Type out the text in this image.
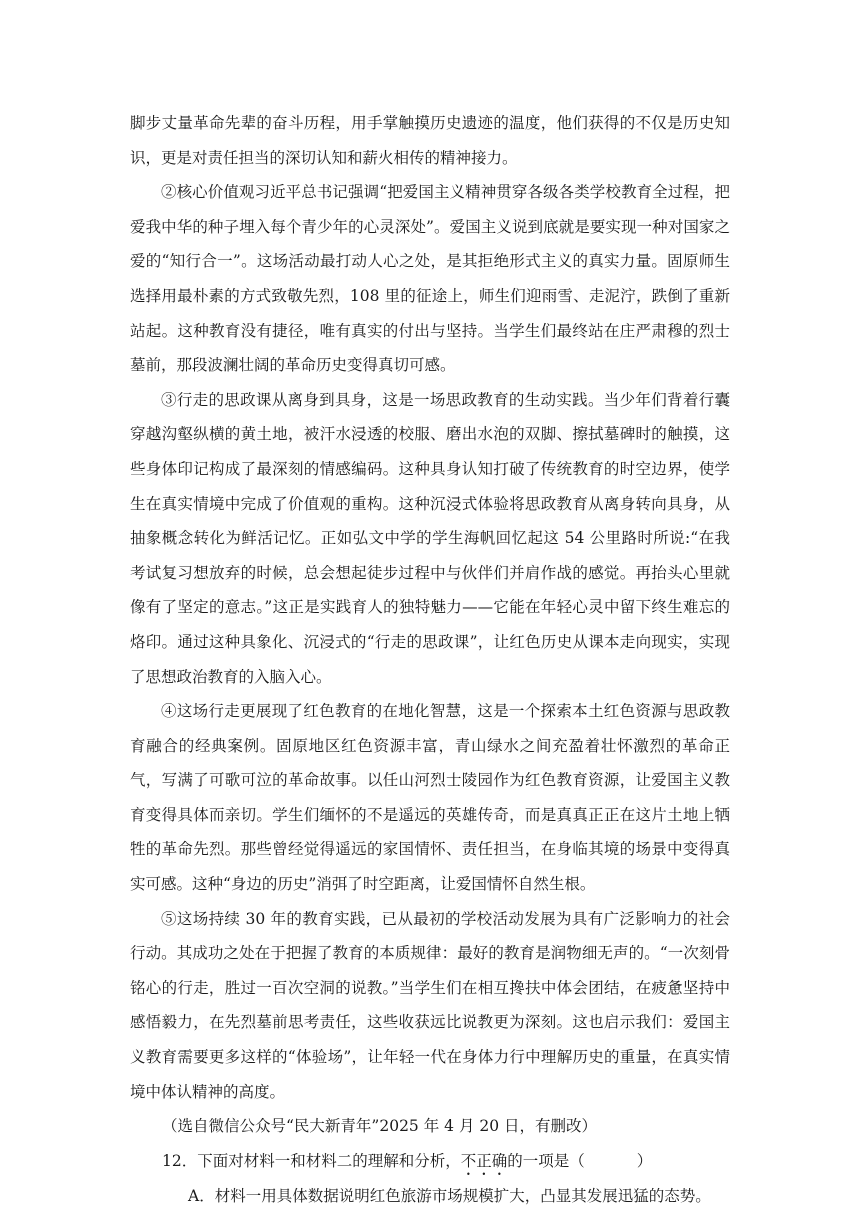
脚步丈量革命先辈的奋斗历程，用手掌触摸历史遗迹的温度，他们获得的不仅是历史知识，更是对责任担当的深切认知和薪火相传的精神接力。

②核心价值观习近平总书记强调“把爱国主义精神贯穿各级各类学校教育全过程，把爱我中华的种子埋入每个青少年的心灵深处”。爱国主义说到底就是要实现一种对国家之爱的“知行合一”。这场活动最打动人心之处，是其拒绝形式主义的真实力量。固原师生选择用最朴素的方式致敬先烈，108 里的征途上，师生们迎雨雪、走泥泞，跌倒了重新站起。这种教育没有捷径，唯有真实的付出与坚持。当学生们最终站在庄严肃穆的烈士墓前，那段波澜壮阔的革命历史变得真切可感。

③行走的思政课从离身到具身，这是一场思政教育的生动实践。当少年们背着行囊穿越沟壑纵横的黄土地，被汗水浸透的校服、磨出水泡的双脚、擦拭墓碑时的触摸，这些身体印记构成了最深刻的情感编码。这种具身认知打破了传统教育的时空边界，使学生在真实情境中完成了价值观的重构。这种沉浸式体验将思政教育从离身转向具身，从抽象概念转化为鲜活记忆。正如弘文中学的学生海帆回忆起这 54 公里路时所说:“在我考试复习想放弃的时候，总会想起徒步过程中与伙伴们并肩作战的感觉。再抬头心里就像有了坚定的意志。”这正是实践育人的独特魅力——它能在年轻心灵中留下终生难忘的烙印。通过这种具象化、沉浸式的“行走的思政课”，让红色历史从课本走向现实，实现了思想政治教育的入脑入心。

④这场行走更展现了红色教育的在地化智慧，这是一个探索本土红色资源与思政教育融合的经典案例。固原地区红色资源丰富，青山绿水之间充盈着壮怀激烈的革命正气，写满了可歌可泣的革命故事。以任山河烈士陵园作为红色教育资源，让爱国主义教育变得具体而亲切。学生们缅怀的不是遥远的英雄传奇，而是真真正正在这片土地上牺牲的革命先烈。那些曾经觉得遥远的家国情怀、责任担当，在身临其境的场景中变得真实可感。这种“身边的历史”消弭了时空距离，让爱国情怀自然生根。

⑤这场持续 30 年的教育实践，已从最初的学校活动发展为具有广泛影响力的社会行动。其成功之处在于把握了教育的本质规律：最好的教育是润物细无声的。“一次刻骨铭心的行走，胜过一百次空洞的说教。”当学生们在相互搀扶中体会团结，在疲惫坚持中感悟毅力，在先烈墓前思考责任，这些收获远比说教更为深刻。这也启示我们：爱国主义教育需要更多这样的“体验场”，让年轻一代在身体力行中理解历史的重量，在真实情境中体认精神的高度。

（选自微信公众号“民大新青年”2025 年 4 月 20 日，有删改）

12．下面对材料一和材料二的理解和分析，不正确的一项是（	）

A．材料一用具体数据说明红色旅游市场规模扩大，凸显其发展迅猛的态势。
